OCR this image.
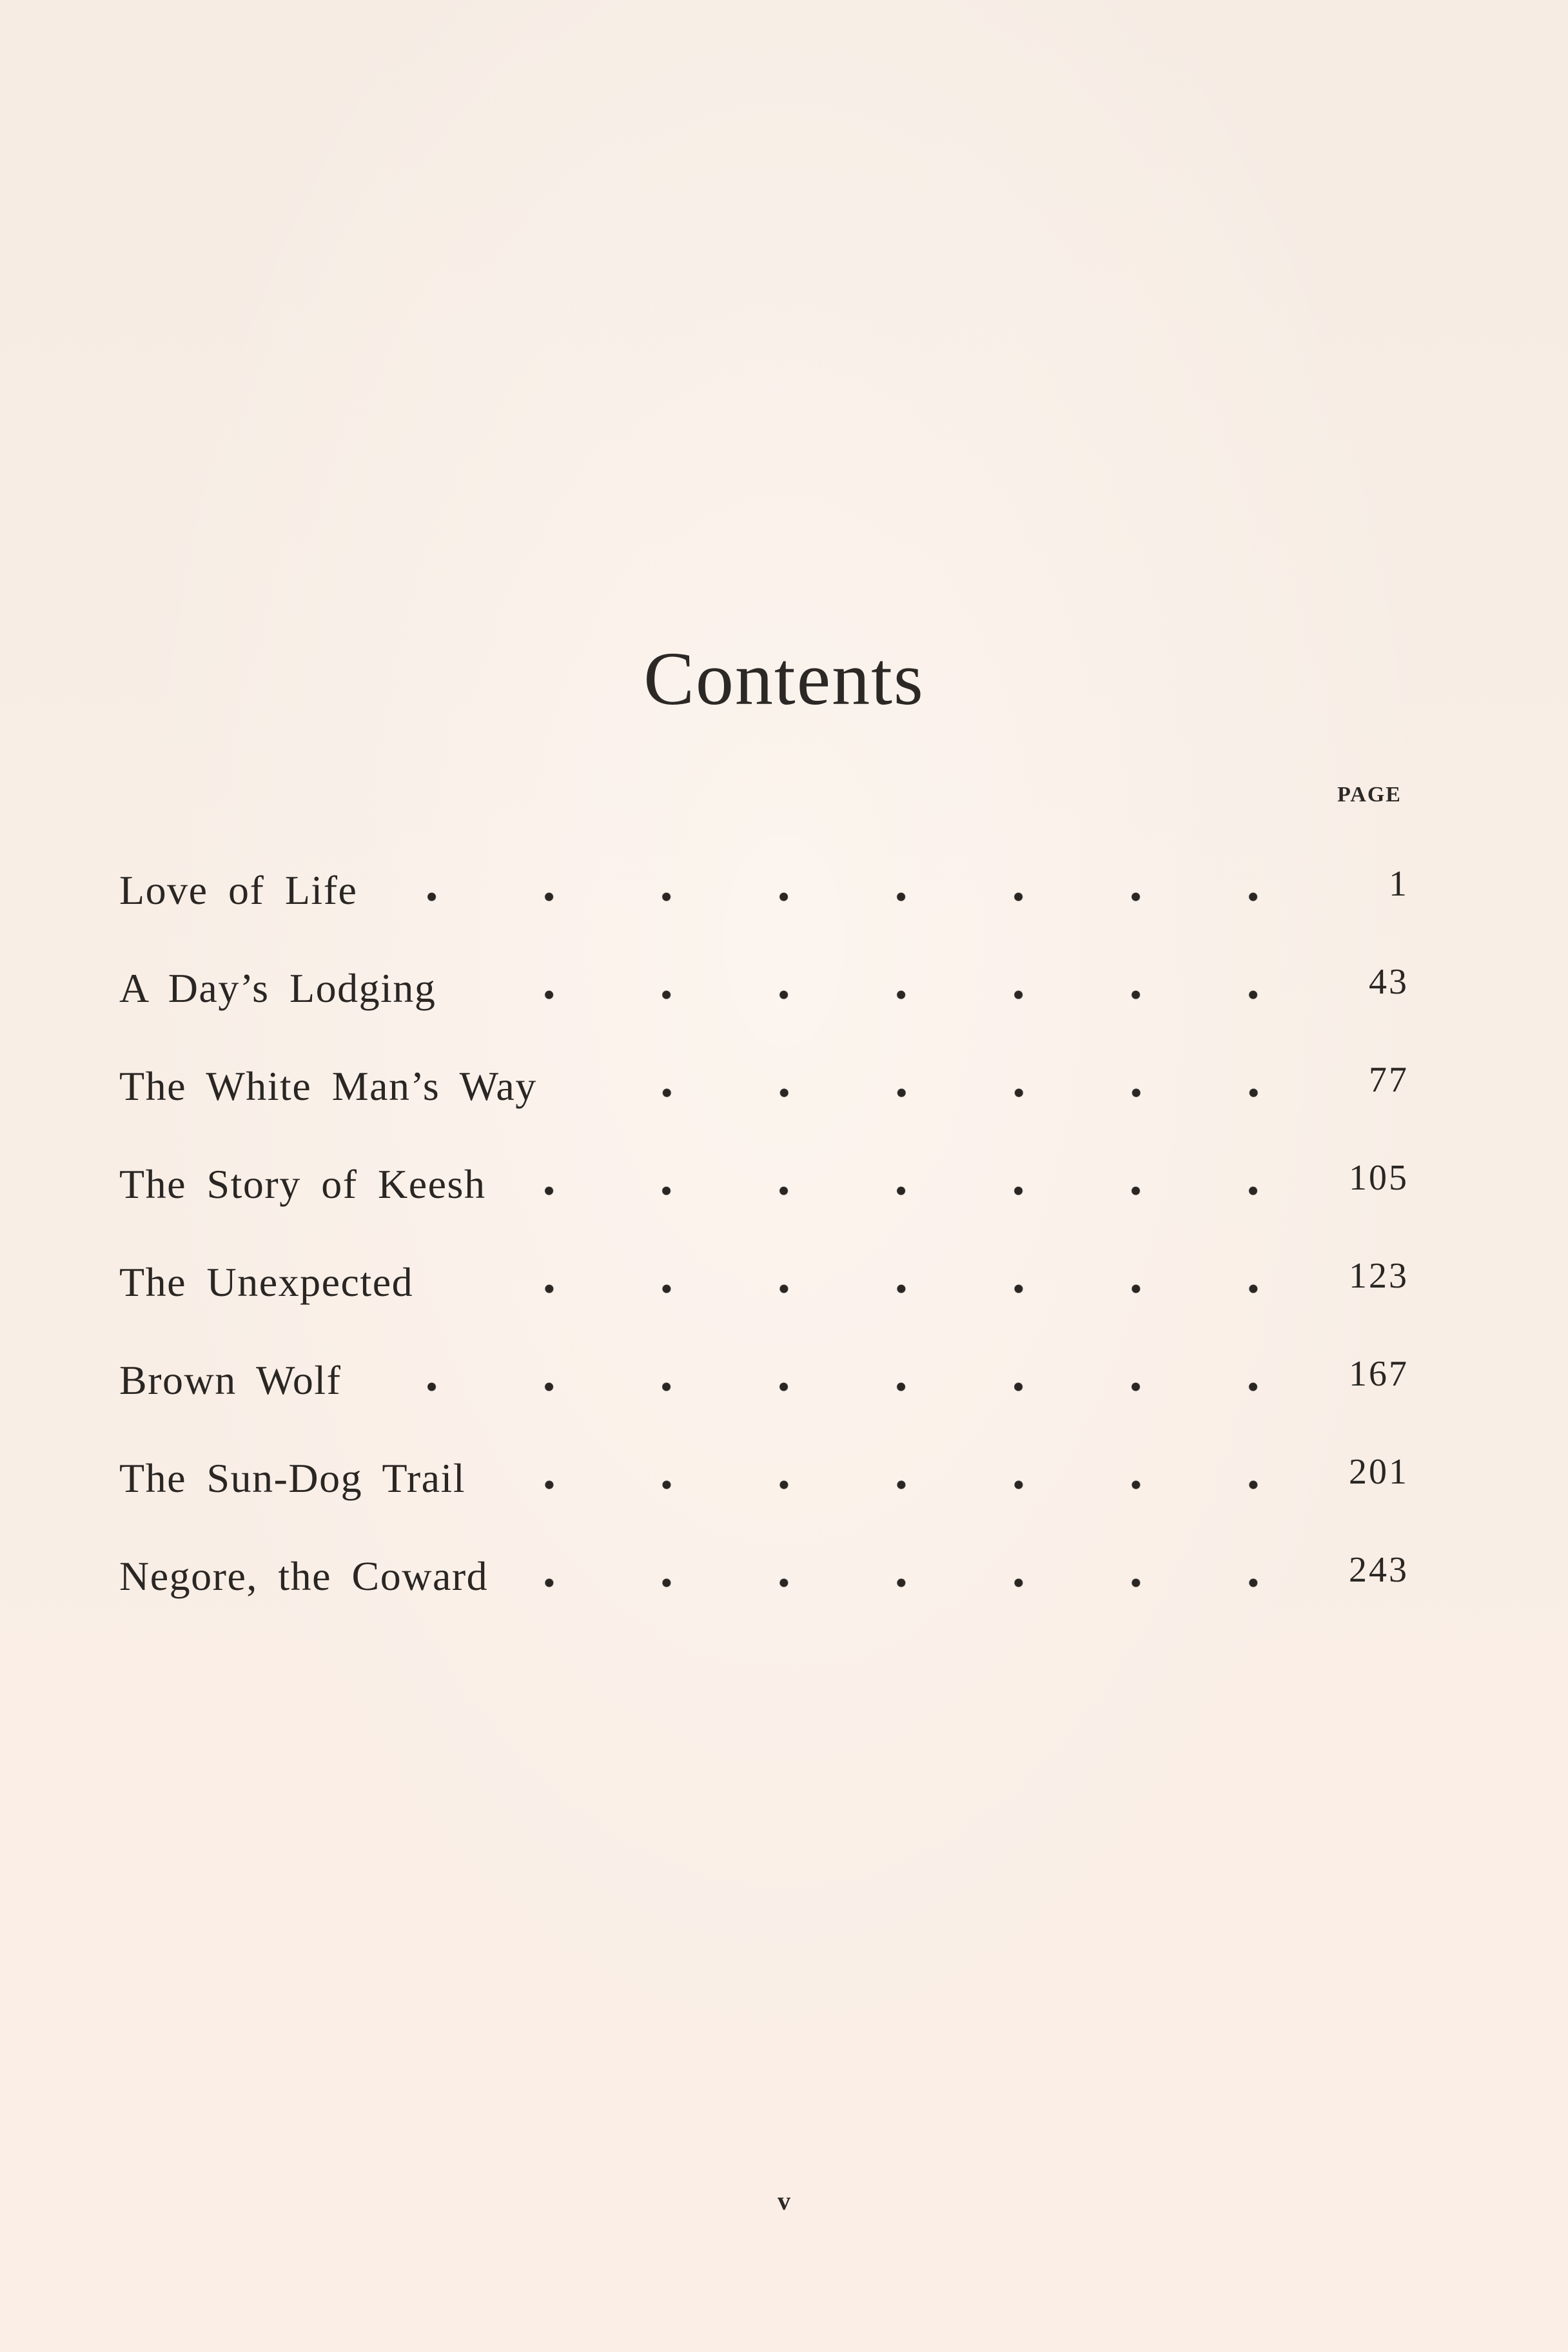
Contents
PAGE
Love of Life	1
A Day’s Lodging	43
The White Man’s Way	77
The Story of Keesh	105
The Unexpected	123
Brown Wolf	167
The Sun-Dog Trail	201
Negore, the Coward	243
v
